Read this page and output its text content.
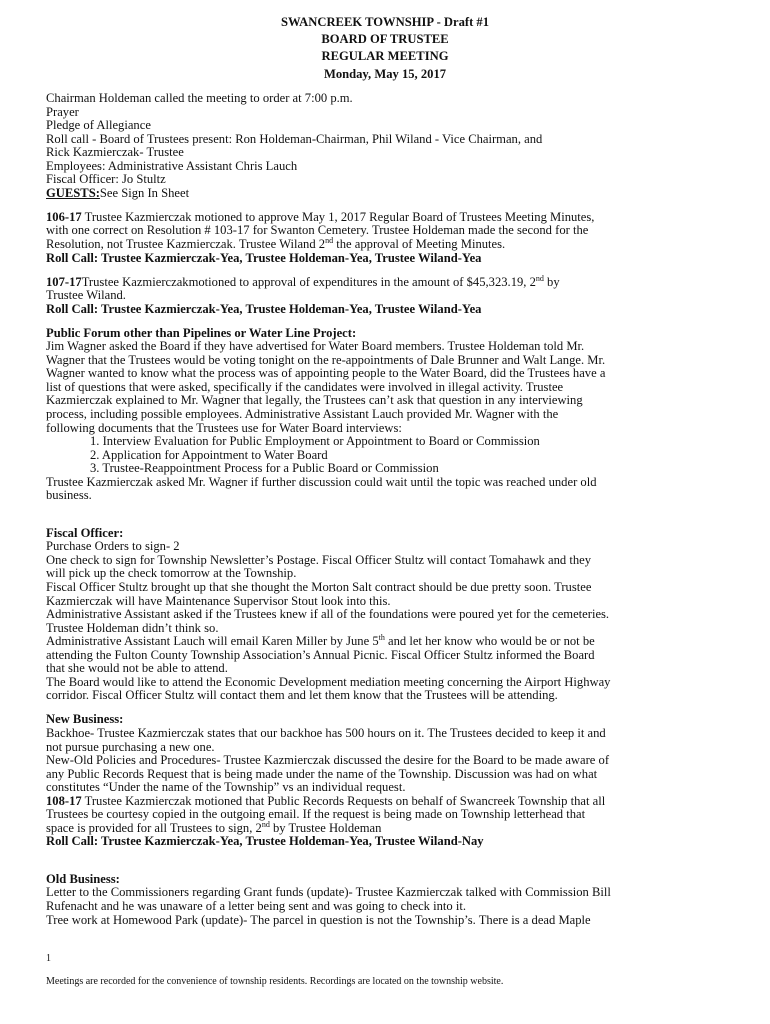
SWANCREEK TOWNSHIP - Draft #1
BOARD OF TRUSTEE
REGULAR MEETING
Monday, May 15, 2017

Chairman Holdeman called the meeting to order at 7:00 p.m.

Prayer

Pledge of Allegiance

Roll call - Board of Trustees present: Ron Holdeman-Chairman, Phil Wiland - Vice Chairman, and

Rick Kazmierczak- Trustee

Employees: Administrative Assistant Chris Lauch

Fiscal Officer: Jo Stultz

GUESTS:See Sign In Sheet

106-17 Trustee Kazmierczak motioned to approve May 1, 2017 Regular Board of Trustees Meeting Minutes,

with one correct on Resolution # 103-17 for Swanton Cemetery. Trustee Holdeman made the second for the

Resolution, not Trustee Kazmierczak. Trustee Wiland 2nd the approval of Meeting Minutes.

Roll Call: Trustee Kazmierczak-Yea, Trustee Holdeman-Yea, Trustee Wiland-Yea

107-17Trustee Kazmierczakmotioned to approval of expenditures in the amount of $45,323.19, 2nd by

Trustee Wiland.

Roll Call: Trustee Kazmierczak-Yea, Trustee Holdeman-Yea, Trustee Wiland-Yea

Public Forum other than Pipelines or Water Line Project:

Jim Wagner asked the Board if they have advertised for Water Board members. Trustee Holdeman told Mr.

Wagner that the Trustees would be voting tonight on the re-appointments of Dale Brunner and Walt Lange. Mr.

Wagner wanted to know what the process was of appointing people to the Water Board, did the Trustees have a

list of questions that were asked, specifically if the candidates were involved in illegal activity. Trustee

Kazmierczak explained to Mr. Wagner that legally, the Trustees can’t ask that question in any interviewing

process, including possible employees. Administrative Assistant Lauch provided Mr. Wagner with the

following documents that the Trustees use for Water Board interviews:

1. Interview Evaluation for Public Employment or Appointment to Board or Commission

2. Application for Appointment to Water Board

3. Trustee-Reappointment Process for a Public Board or Commission

Trustee Kazmierczak asked Mr. Wagner if further discussion could wait until the topic was reached under old

business.

Fiscal Officer:

Purchase Orders to sign- 2

One check to sign for Township Newsletter’s Postage. Fiscal Officer Stultz will contact Tomahawk and they

will pick up the check tomorrow at the Township.

Fiscal Officer Stultz brought up that she thought the Morton Salt contract should be due pretty soon. Trustee

Kazmierczak will have Maintenance Supervisor Stout look into this.

Administrative Assistant asked if the Trustees knew if all of the foundations were poured yet for the cemeteries.

Trustee Holdeman didn’t think so.

Administrative Assistant Lauch will email Karen Miller by June 5th and let her know who would be or not be

attending the Fulton County Township Association’s Annual Picnic. Fiscal Officer Stultz informed the Board

that she would not be able to attend.

The Board would like to attend the Economic Development mediation meeting concerning the Airport Highway

corridor. Fiscal Officer Stultz will contact them and let them know that the Trustees will be attending.

New Business:

Backhoe- Trustee Kazmierczak states that our backhoe has 500 hours on it. The Trustees decided to keep it and

not pursue purchasing a new one.

New-Old Policies and Procedures- Trustee Kazmierczak discussed the desire for the Board to be made aware of

any Public Records Request that is being made under the name of the Township. Discussion was had on what

constitutes “Under the name of the Township” vs an individual request.

108-17 Trustee Kazmierczak motioned that Public Records Requests on behalf of Swancreek Township that all

Trustees be courtesy copied in the outgoing email. If the request is being made on Township letterhead that

space is provided for all Trustees to sign, 2nd by Trustee Holdeman

Roll Call: Trustee Kazmierczak-Yea, Trustee Holdeman-Yea, Trustee Wiland-Nay

Old Business:

Letter to the Commissioners regarding Grant funds (update)- Trustee Kazmierczak talked with Commission Bill

Rufenacht and he was unaware of a letter being sent and was going to check into it.

Tree work at Homewood Park (update)- The parcel in question is not the Township’s. There is a dead Maple

1
Meetings are recorded for the convenience of township residents. Recordings are located on the township website.
